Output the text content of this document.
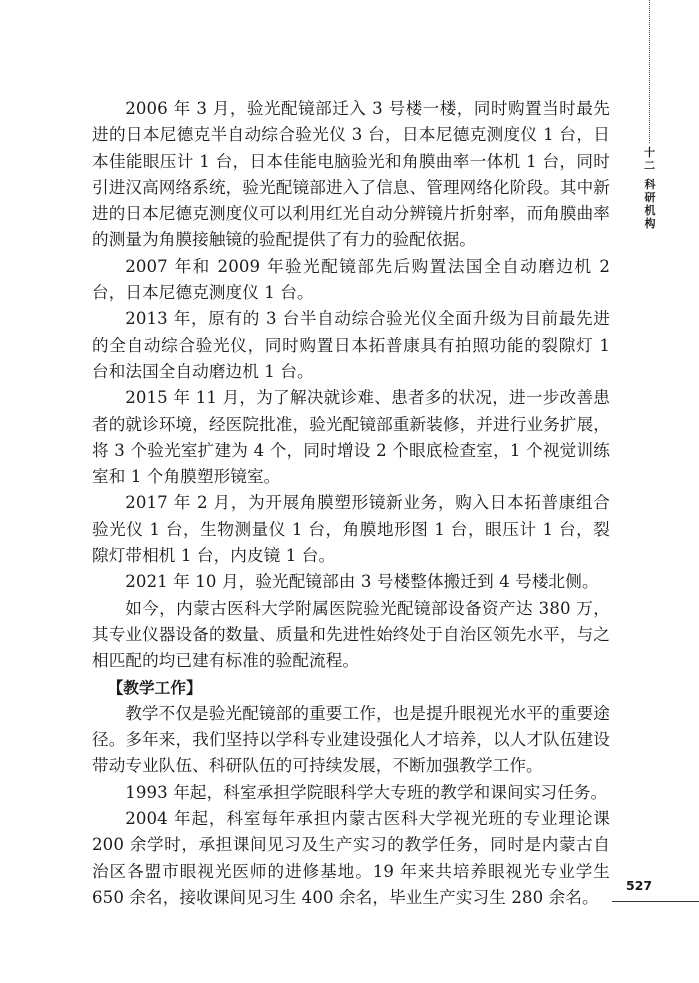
2006 年 3 月，验光配镜部迁入 3 号楼一楼，同时购置当时最先进的日本尼德克半自动综合验光仪 3 台，日本尼德克测度仪 1 台，日本佳能眼压计 1 台，日本佳能电脑验光和角膜曲率一体机 1 台，同时引进汉高网络系统，验光配镜部进入了信息、管理网络化阶段。其中新进的日本尼德克测度仪可以利用红光自动分辨镜片折射率，而角膜曲率的测量为角膜接触镜的验配提供了有力的验配依据。

2007 年和 2009 年验光配镜部先后购置法国全自动磨边机 2 台，日本尼德克测度仪 1 台。

2013 年，原有的 3 台半自动综合验光仪全面升级为目前最先进的全自动综合验光仪，同时购置日本拓普康具有拍照功能的裂隙灯 1 台和法国全自动磨边机 1 台。

2015 年 11 月，为了解决就诊难、患者多的状况，进一步改善患者的就诊环境，经医院批准，验光配镜部重新装修，并进行业务扩展，将 3 个验光室扩建为 4 个，同时增设 2 个眼底检查室，1 个视觉训练室和 1 个角膜塑形镜室。

2017 年 2 月，为开展角膜塑形镜新业务，购入日本拓普康组合验光仪 1 台，生物测量仪 1 台，角膜地形图 1 台，眼压计 1 台，裂隙灯带相机 1 台，内皮镜 1 台。

2021 年 10 月，验光配镜部由 3 号楼整体搬迁到 4 号楼北侧。

如今，内蒙古医科大学附属医院验光配镜部设备资产达 380 万，其专业仪器设备的数量、质量和先进性始终处于自治区领先水平，与之相匹配的均已建有标准的验配流程。

【教学工作】

教学不仅是验光配镜部的重要工作，也是提升眼视光水平的重要途径。多年来，我们坚持以学科专业建设强化人才培养，以人才队伍建设带动专业队伍、科研队伍的可持续发展，不断加强教学工作。

1993 年起，科室承担学院眼科学大专班的教学和课间实习任务。

2004 年起，科室每年承担内蒙古医科大学视光班的专业理论课 200 余学时，承担课间见习及生产实习的教学任务，同时是内蒙古自治区各盟市眼视光医师的进修基地。19 年来共培养眼视光专业学生 650 余名，接收课间见习生 400 余名，毕业生产实习生 280 余名。

十二
科
研
机
构
527
